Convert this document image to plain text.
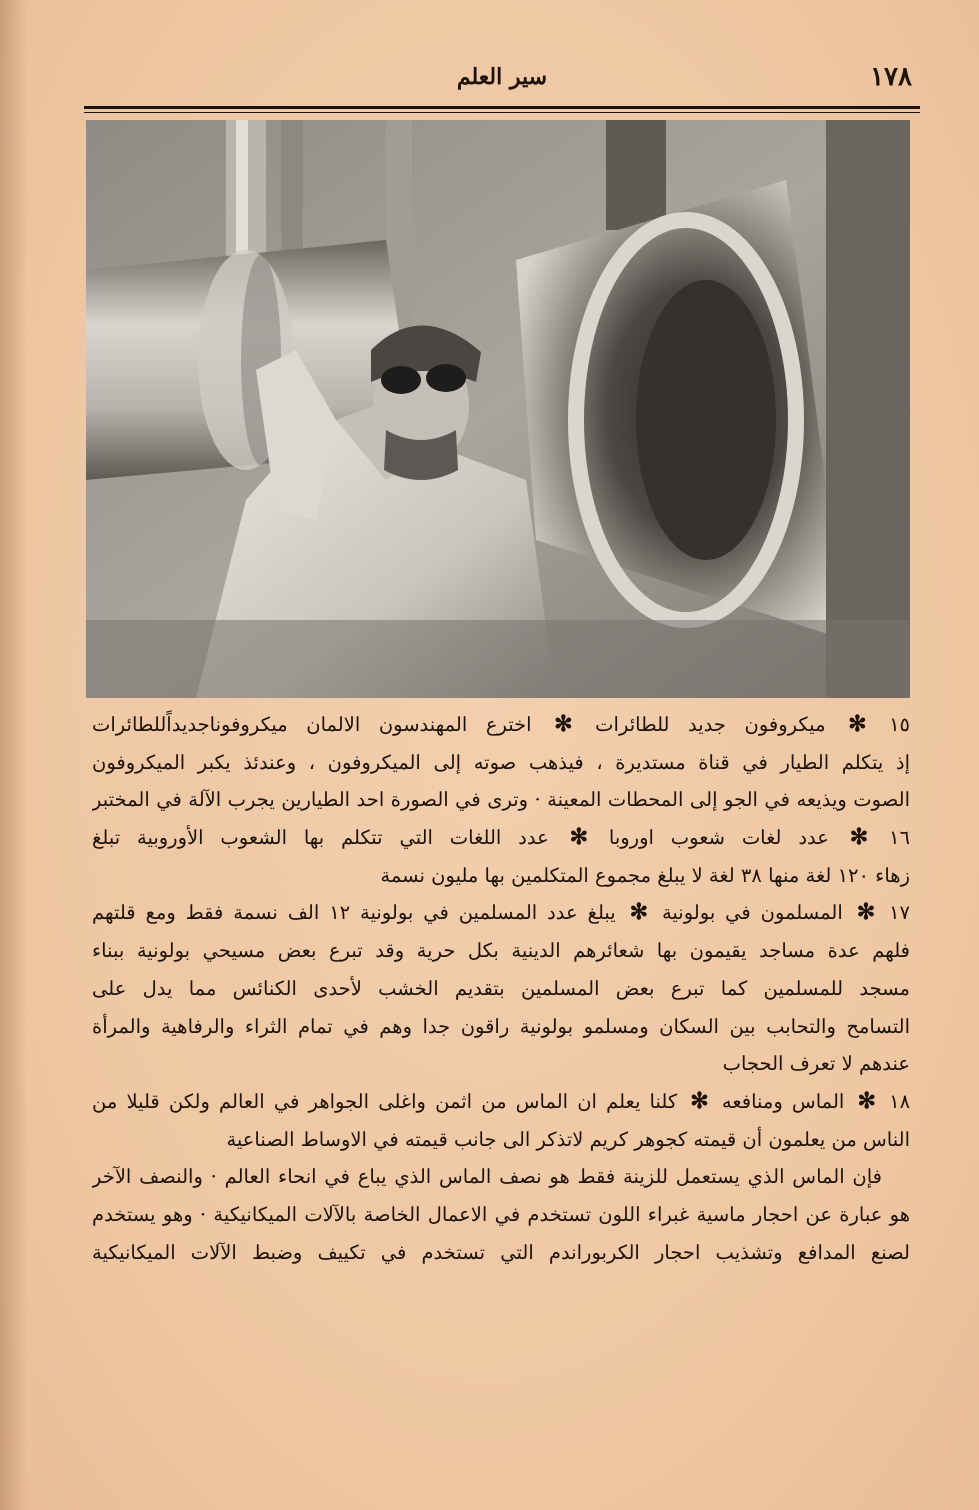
١٧٨
سير العلم
١٥ ✻ ميكروفون جديد للطائرات ✻ اخترع المهندسون الالمان ميكروفوناجديداًللطائرات
إذ يتكلم الطيار في قناة مستديرة ، فيذهب صوته إلى الميكروفون ، وعندئذ يكبر الميكروفون
الصوت ويذيعه في الجو إلى المحطات المعينة · وترى في الصورة احد الطيارين يجرب الآلة في المختبر
١٦ ✻ عدد لغات شعوب اوروبا ✻ عدد اللغات التي تتكلم بها الشعوب الأوروبية تبلغ
زهاء ١٢٠ لغة منها ٣٨ لغة لا يبلغ مجموع المتكلمين بها مليون نسمة
١٧ ✻ المسلمون في بولونية ✻ يبلغ عدد المسلمين في بولونية ١٢ الف نسمة فقط ومع قلتهم
فلهم عدة مساجد يقيمون بها شعائرهم الدينية بكل حرية وقد تبرع بعض مسيحي بولونية ببناء
مسجد للمسلمين كما تبرع بعض المسلمين بتقديم الخشب لأحدى الكنائس مما يدل على
التسامح والتحابب بين السكان ومسلمو بولونية راقون جدا وهم في تمام الثراء والرفاهية والمرأة
عندهم لا تعرف الحجاب
١٨ ✻ الماس ومنافعه ✻ كلنا يعلم ان الماس من اثمن واغلى الجواهر في العالم ولكن قليلا من
الناس من يعلمون أن قيمته كجوهر كريم لاتذكر الى جانب قيمته في الاوساط الصناعية
فإن الماس الذي يستعمل للزينة فقط هو نصف الماس الذي يباع في انحاء العالم · والنصف الآخر
هو عبارة عن احجار ماسية غبراء اللون تستخدم في الاعمال الخاصة بالآلات الميكانيكية · وهو يستخدم
لصنع المدافع وتشذيب احجار الكربوراندم التي تستخدم في تكييف وضبط الآلات الميكانيكية
